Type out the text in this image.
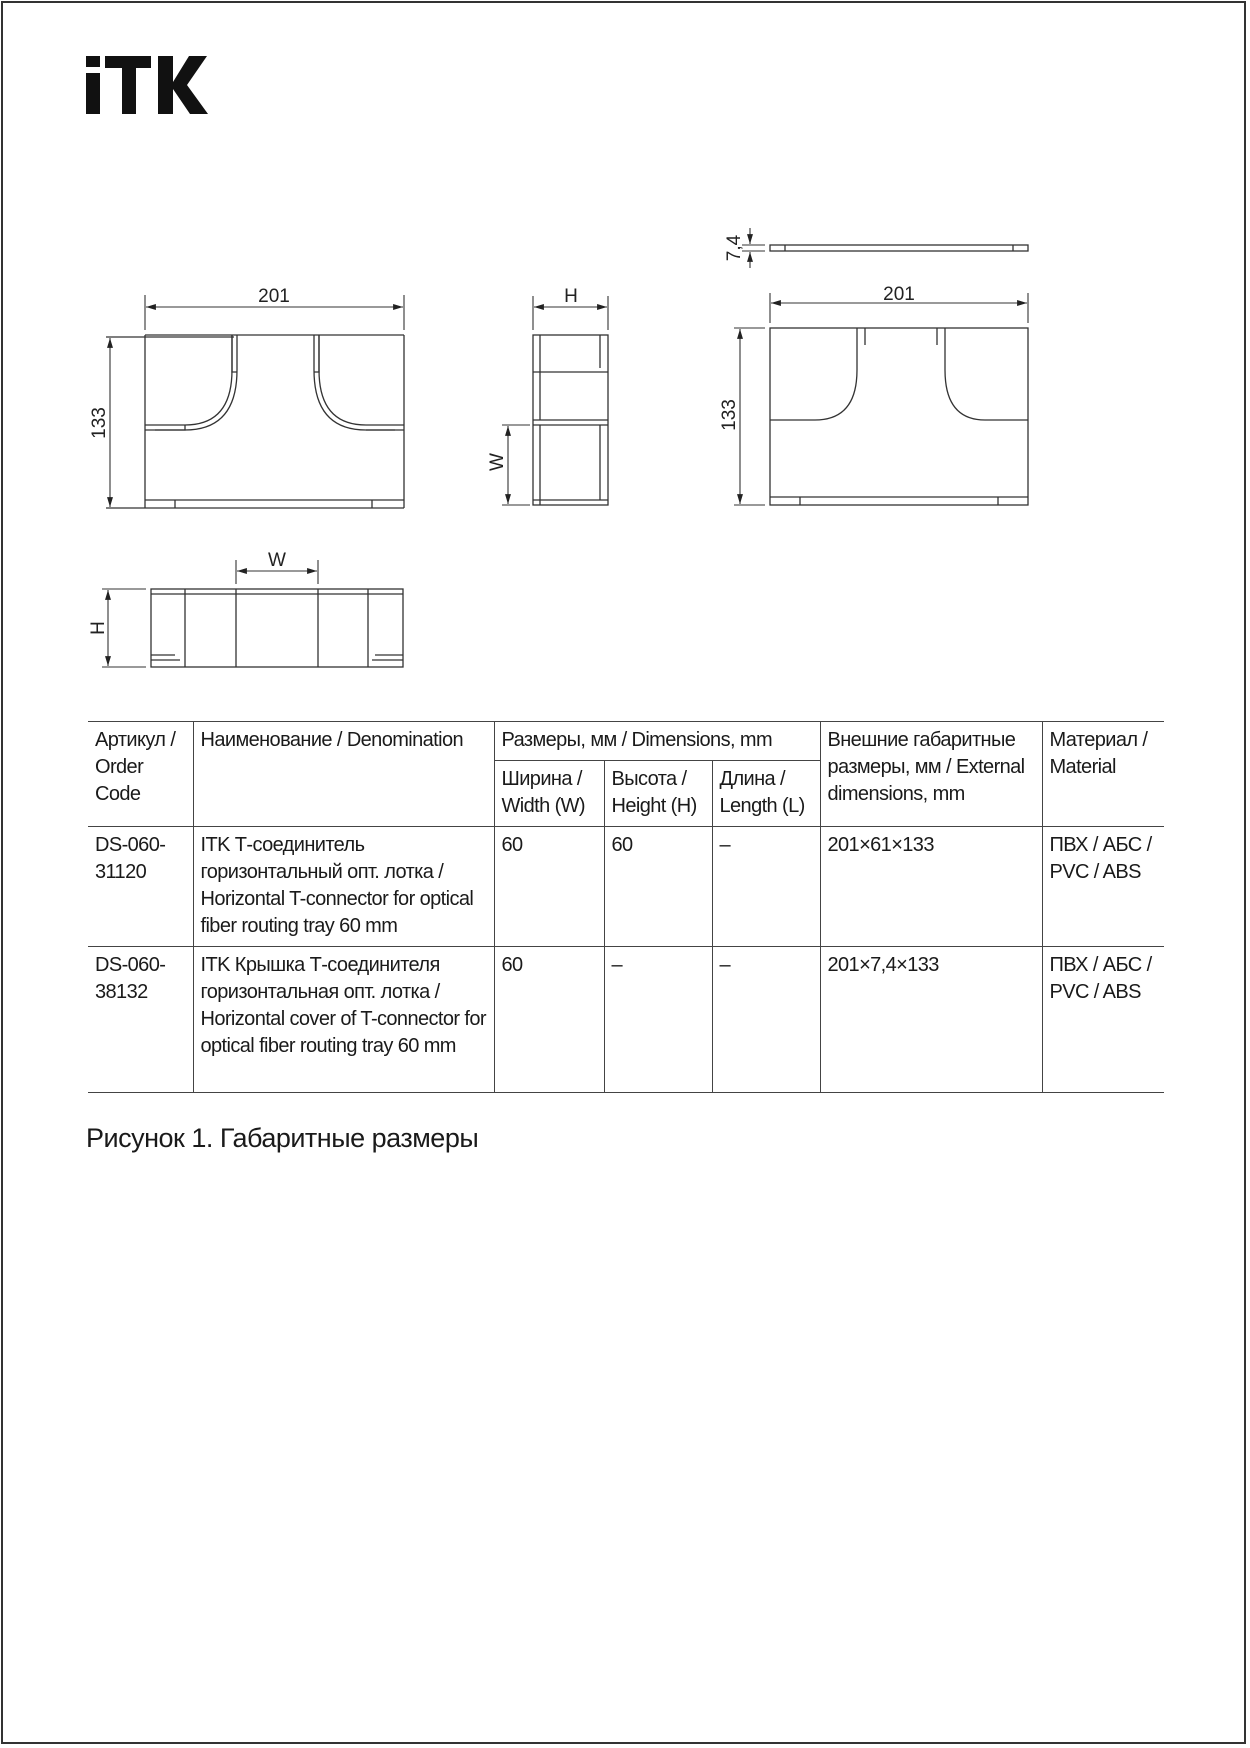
201
133
H
W
7,4
201
133
W
H
Артикул / Order Code	Наименование / Denomination	Размеры, мм / Dimensions, mm			Внешние габаритные размеры, мм / External dimensions, mm	Материал / Material
		Ширина / Width (W)	Высота / Height (H)	Длина / Length (L)		
DS-060-31120	ITK Т-соединитель горизонтальный опт. лотка / Horizontal T-connector for optical fiber routing tray 60 mm	60	60	–	201×61×133	ПВХ / АБС / PVC / ABS
DS-060-38132	ITK Крышка Т-соединителя горизонтальная опт. лотка / Horizontal cover of T-connector for optical fiber routing tray 60 mm	60	–	–	201×7,4×133	ПВХ / АБС / PVC / ABS
Рисунок 1. Габаритные размеры
